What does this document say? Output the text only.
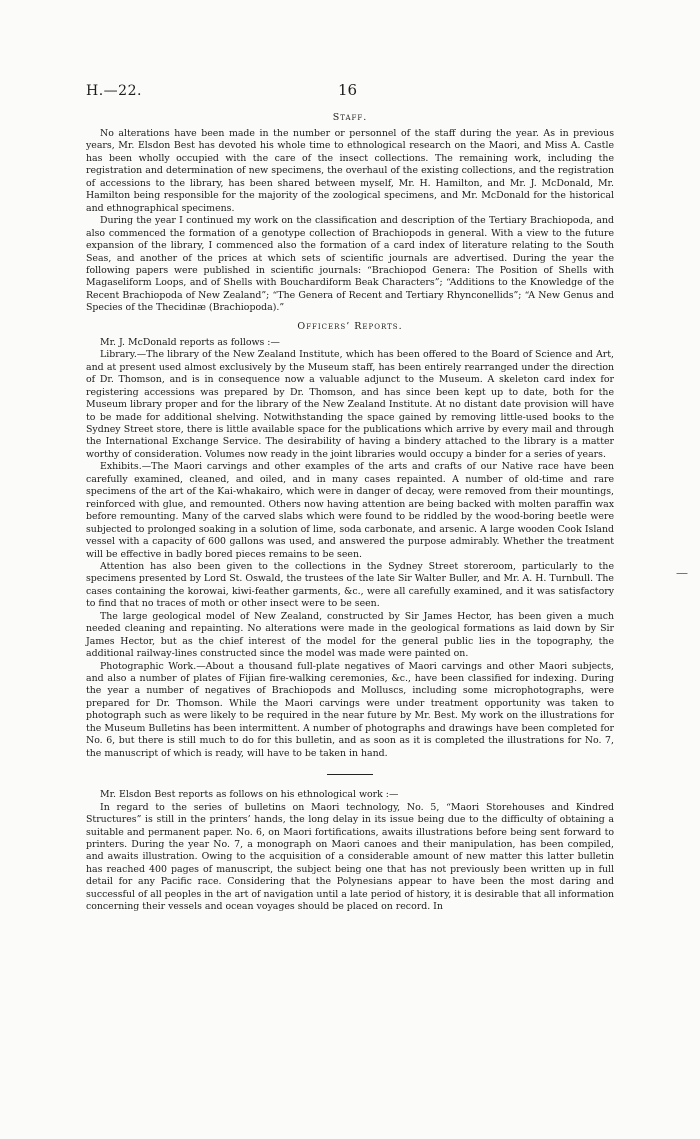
H.—22.	16
Staff.

No alterations have been made in the number or personnel of the staff during the year. As in previous years, Mr. Elsdon Best has devoted his whole time to ethnological research on the Maori, and Miss A. Castle has been wholly occupied with the care of the insect collections. The remaining work, including the registration and determination of new specimens, the overhaul of the existing collections, and the registration of accessions to the library, has been shared between myself, Mr. H. Hamilton, and Mr. J. McDonald, Mr. Hamilton being responsible for the majority of the zoological specimens, and Mr. McDonald for the historical and ethnographical specimens.

During the year I continued my work on the classification and description of the Tertiary Brachiopoda, and also commenced the formation of a genotype collection of Brachiopods in general. With a view to the future expansion of the library, I commenced also the formation of a card index of literature relating to the South Seas, and another of the prices at which sets of scientific journals are advertised. During the year the following papers were published in scientific journals: “Brachiopod Genera: The Position of Shells with Magaseliform Loops, and of Shells with Bouchardiform Beak Characters”; “Additions to the Knowledge of the Recent Brachiopoda of New Zealand”; “The Genera of Recent and Tertiary Rhynconellids”; “A New Genus and Species of the Thecidinæ (Brachiopoda).”

Officers’ Reports.

Mr. J. McDonald reports as follows :—

Library.—The library of the New Zealand Institute, which has been offered to the Board of Science and Art, and at present used almost exclusively by the Museum staff, has been entirely rearranged under the direction of Dr. Thomson, and is in consequence now a valuable adjunct to the Museum. A skeleton card index for registering accessions was prepared by Dr. Thomson, and has since been kept up to date, both for the Museum library proper and for the library of the New Zealand Institute. At no distant date provision will have to be made for additional shelving. Notwithstanding the space gained by removing little-used books to the Sydney Street store, there is little available space for the publications which arrive by every mail and through the International Exchange Service. The desirability of having a bindery attached to the library is a matter worthy of consideration. Volumes now ready in the joint libraries would occupy a binder for a series of years.

Exhibits.—The Maori carvings and other examples of the arts and crafts of our Native race have been carefully examined, cleaned, and oiled, and in many cases repainted. A number of old-time and rare specimens of the art of the Kai-whakairo, which were in danger of decay, were removed from their mountings, reinforced with glue, and remounted. Others now having attention are being backed with molten paraffin wax before remounting. Many of the carved slabs which were found to be riddled by the wood-boring beetle were subjected to prolonged soaking in a solution of lime, soda carbonate, and arsenic. A large wooden Cook Island vessel with a capacity of 600 gallons was used, and answered the purpose admirably. Whether the treatment will be effective in badly bored pieces remains to be seen.

Attention has also been given to the collections in the Sydney Street storeroom, particularly to the specimens presented by Lord St. Oswald, the trustees of the late Sir Walter Buller, and Mr. A. H. Turnbull. The cases containing the korowai, kiwi-feather garments, &c., were all carefully examined, and it was satisfactory to find that no traces of moth or other insect were to be seen.

The large geological model of New Zealand, constructed by Sir James Hector, has been given a much needed cleaning and repainting. No alterations were made in the geological formations as laid down by Sir James Hector, but as the chief interest of the model for the general public lies in the topography, the additional railway-lines constructed since the model was made were painted on.

Photographic Work.—About a thousand full-plate negatives of Maori carvings and other Maori subjects, and also a number of plates of Fijian fire-walking ceremonies, &c., have been classified for indexing. During the year a number of negatives of Brachiopods and Molluscs, including some microphotographs, were prepared for Dr. Thomson. While the Maori carvings were under treatment opportunity was taken to photograph such as were likely to be required in the near future by Mr. Best. My work on the illustrations for the Museum Bulletins has been intermittent. A number of photographs and drawings have been completed for No. 6, but there is still much to do for this bulletin, and as soon as it is completed the illustrations for No. 7, the manuscript of which is ready, will have to be taken in hand.

Mr. Elsdon Best reports as follows on his ethnological work :—

In regard to the series of bulletins on Maori technology, No. 5, “Maori Storehouses and Kindred Structures” is still in the printers’ hands, the long delay in its issue being due to the difficulty of obtaining a suitable and permanent paper. No. 6, on Maori fortifications, awaits illustrations before being sent forward to printers. During the year No. 7, a monograph on Maori canoes and their manipulation, has been compiled, and awaits illustration. Owing to the acquisition of a considerable amount of new matter this latter bulletin has reached 400 pages of manuscript, the subject being one that has not previously been written up in full detail for any Pacific race. Considering that the Polynesians appear to have been the most daring and successful of all peoples in the art of navigation until a late period of history, it is desirable that all information concerning their vessels and ocean voyages should be placed on record. In

—
